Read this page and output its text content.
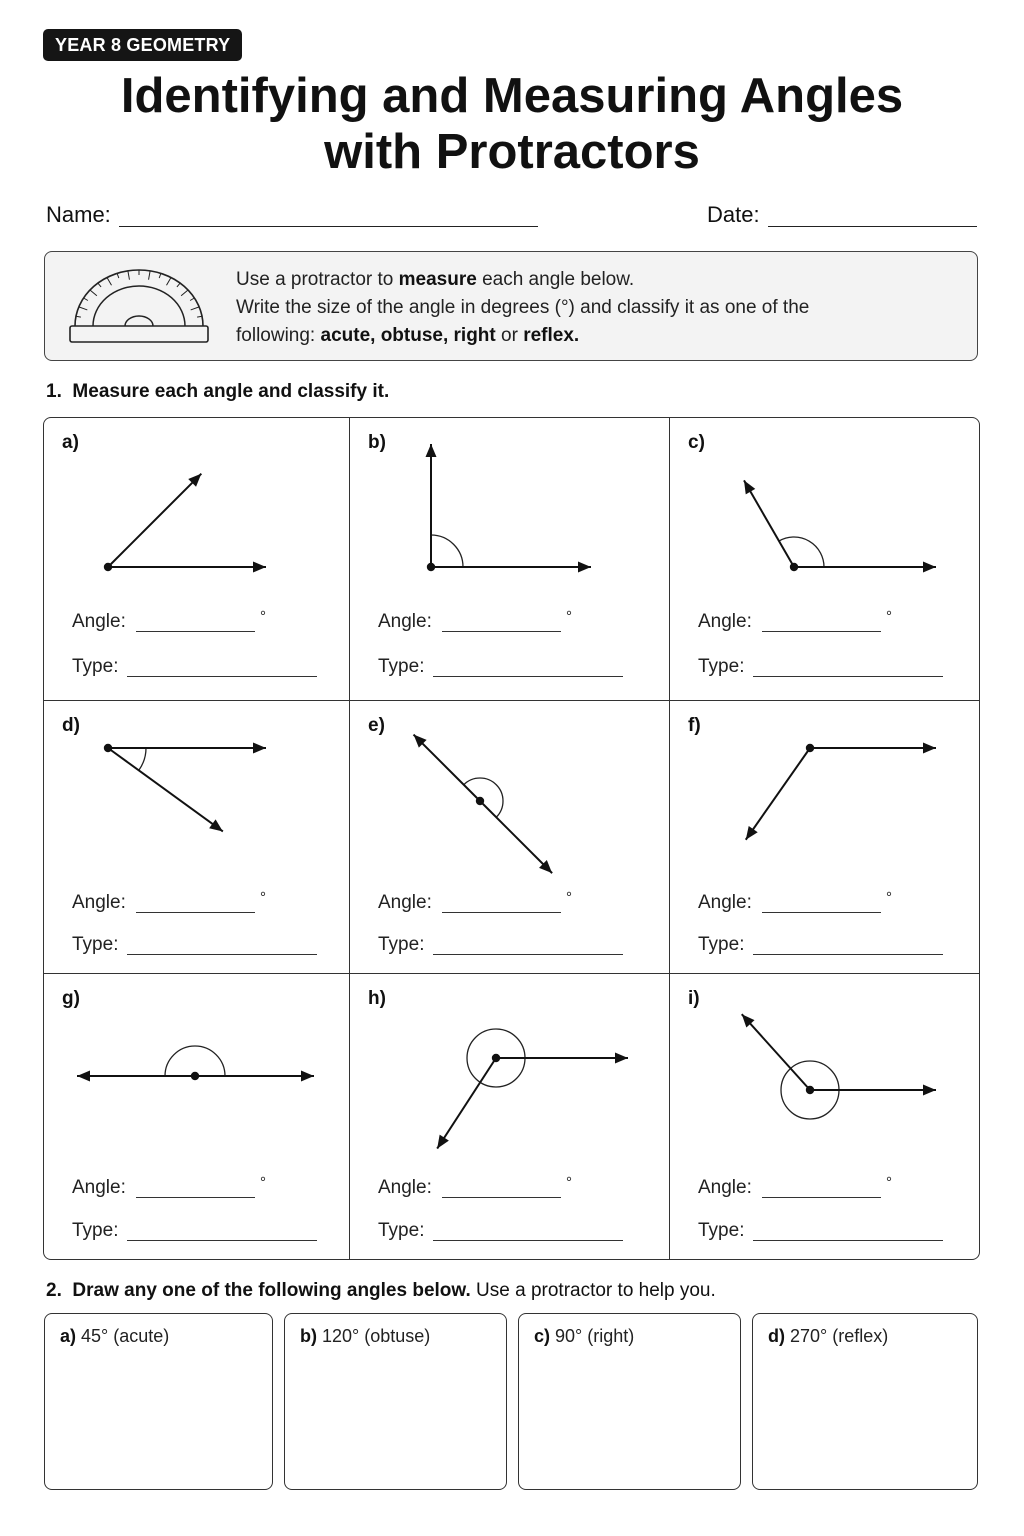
YEAR 8 GEOMETRY
Identifying and Measuring Angles
with Protractors
Name:	Date:
Use a protractor to measure each angle below.
Write the size of the angle in degrees (°) and classify it as one of the
following: acute, obtuse, right or reflex.
1. Measure each angle and classify it.
a)
Angle:	°
Type:
b)
Angle:	°
Type:
c)
Angle:	°
Type:
d)
Angle:	°
Type:
e)
Angle:	°
Type:
f)
Angle:	°
Type:
g)
Angle:	°
Type:
h)
Angle:	°
Type:
i)
Angle:	°
Type:
2. Draw any one of the following angles below. Use a protractor to help you.
a) 45° (acute)	b) 120° (obtuse)	c) 90° (right)	d) 270° (reflex)
